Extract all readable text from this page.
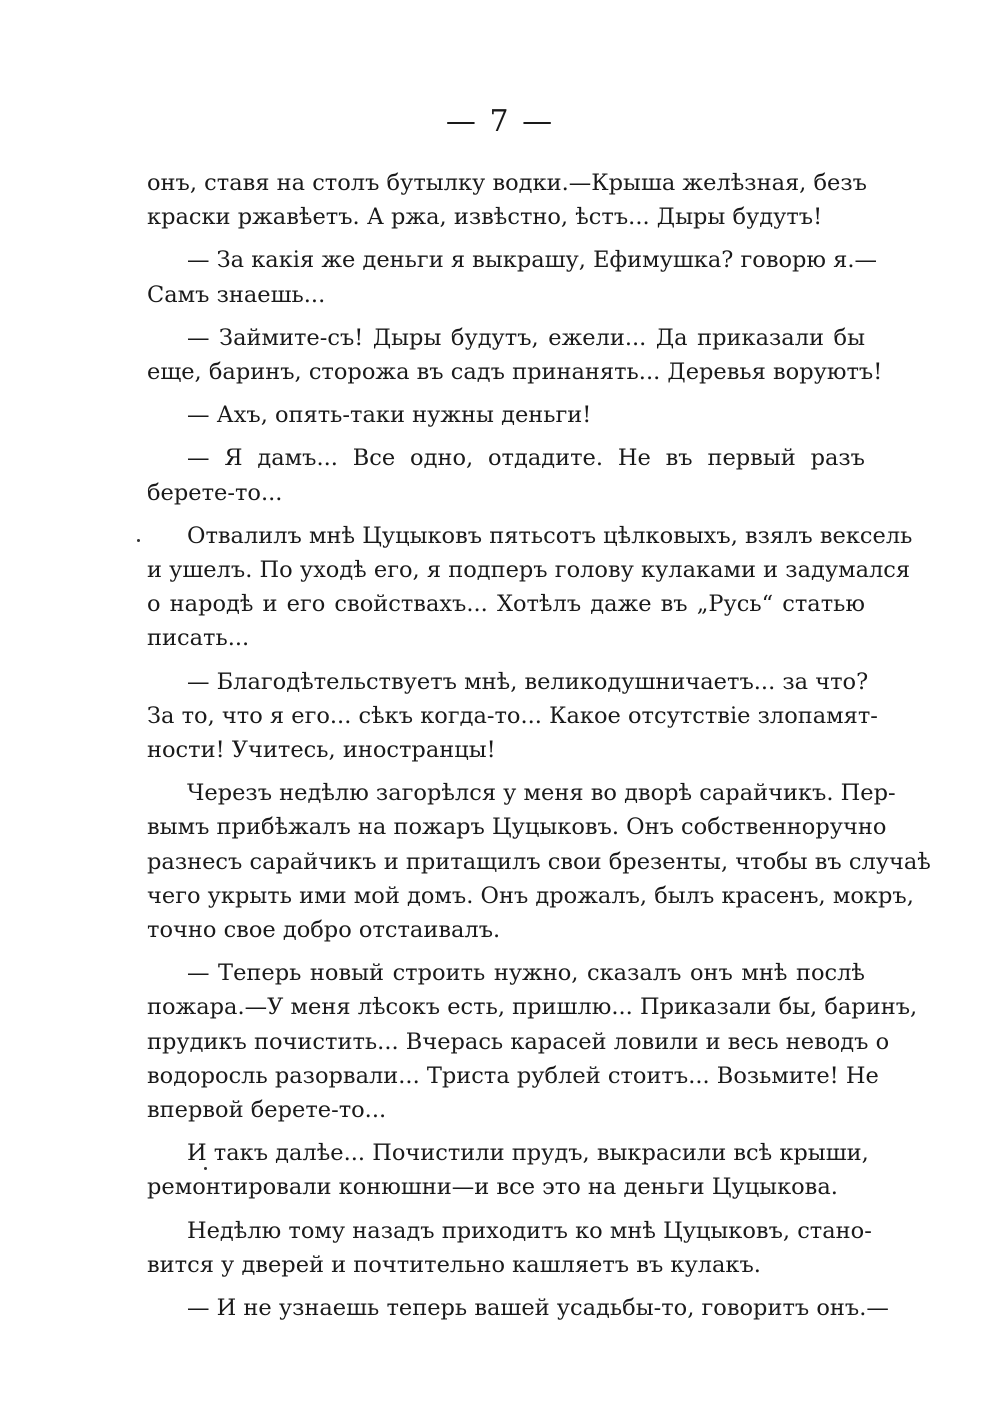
— 7 —
онъ, ставя на столъ бутылку водки.—Крыша желѣзная, безъ
краски ржавѣетъ. А ржа, извѣстно, ѣстъ... Дыры будутъ!
— За какія же деньги я выкрашу, Ефимушка? говорю я.—
Самъ знаешь...
— Займите-съ! Дыры будутъ, ежели... Да приказали бы
еще, баринъ, сторожа въ садъ принанять... Деревья воруютъ!
— Ахъ, опять-таки нужны деньги!
— Я дамъ... Все одно, отдадите. Не въ первый разъ
берете-то...
Отвалилъ мнѣ Цуцыковъ пятьсотъ цѣлковыхъ, взялъ вексель
и ушелъ. По уходѣ его, я подперъ голову кулаками и задумался
о народѣ и его свойствахъ... Хотѣлъ даже въ „Русь“ статью
писать...
— Благодѣтельствуетъ мнѣ, великодушничаетъ... за что?
За то, что я его... сѣкъ когда-то... Какое отсутствіе злопамят-
ности! Учитесь, иностранцы!
Черезъ недѣлю загорѣлся у меня во дворѣ сарайчикъ. Пер-
вымъ прибѣжалъ на пожаръ Цуцыковъ. Онъ собственноручно
разнесъ сарайчикъ и притащилъ свои брезенты, чтобы въ случаѣ
чего укрыть ими мой домъ. Онъ дрожалъ, былъ красенъ, мокръ,
точно свое добро отстаивалъ.
— Теперь новый строить нужно, сказалъ онъ мнѣ послѣ
пожара.—У меня лѣсокъ есть, пришлю... Приказали бы, баринъ,
прудикъ почистить... Вчерась карасей ловили и весь неводъ о
водоросль разорвали... Триста рублей стоитъ... Возьмите! Не
впервой берете-то...
И такъ далѣе... Почистили прудъ, выкрасили всѣ крыши,
ремонтировали конюшни—и все это на деньги Цуцыкова.
Недѣлю тому назадъ приходитъ ко мнѣ Цуцыковъ, стано-
вится у дверей и почтительно кашляетъ въ кулакъ.
— И не узнаешь теперь вашей усадьбы-то, говоритъ онъ.—
